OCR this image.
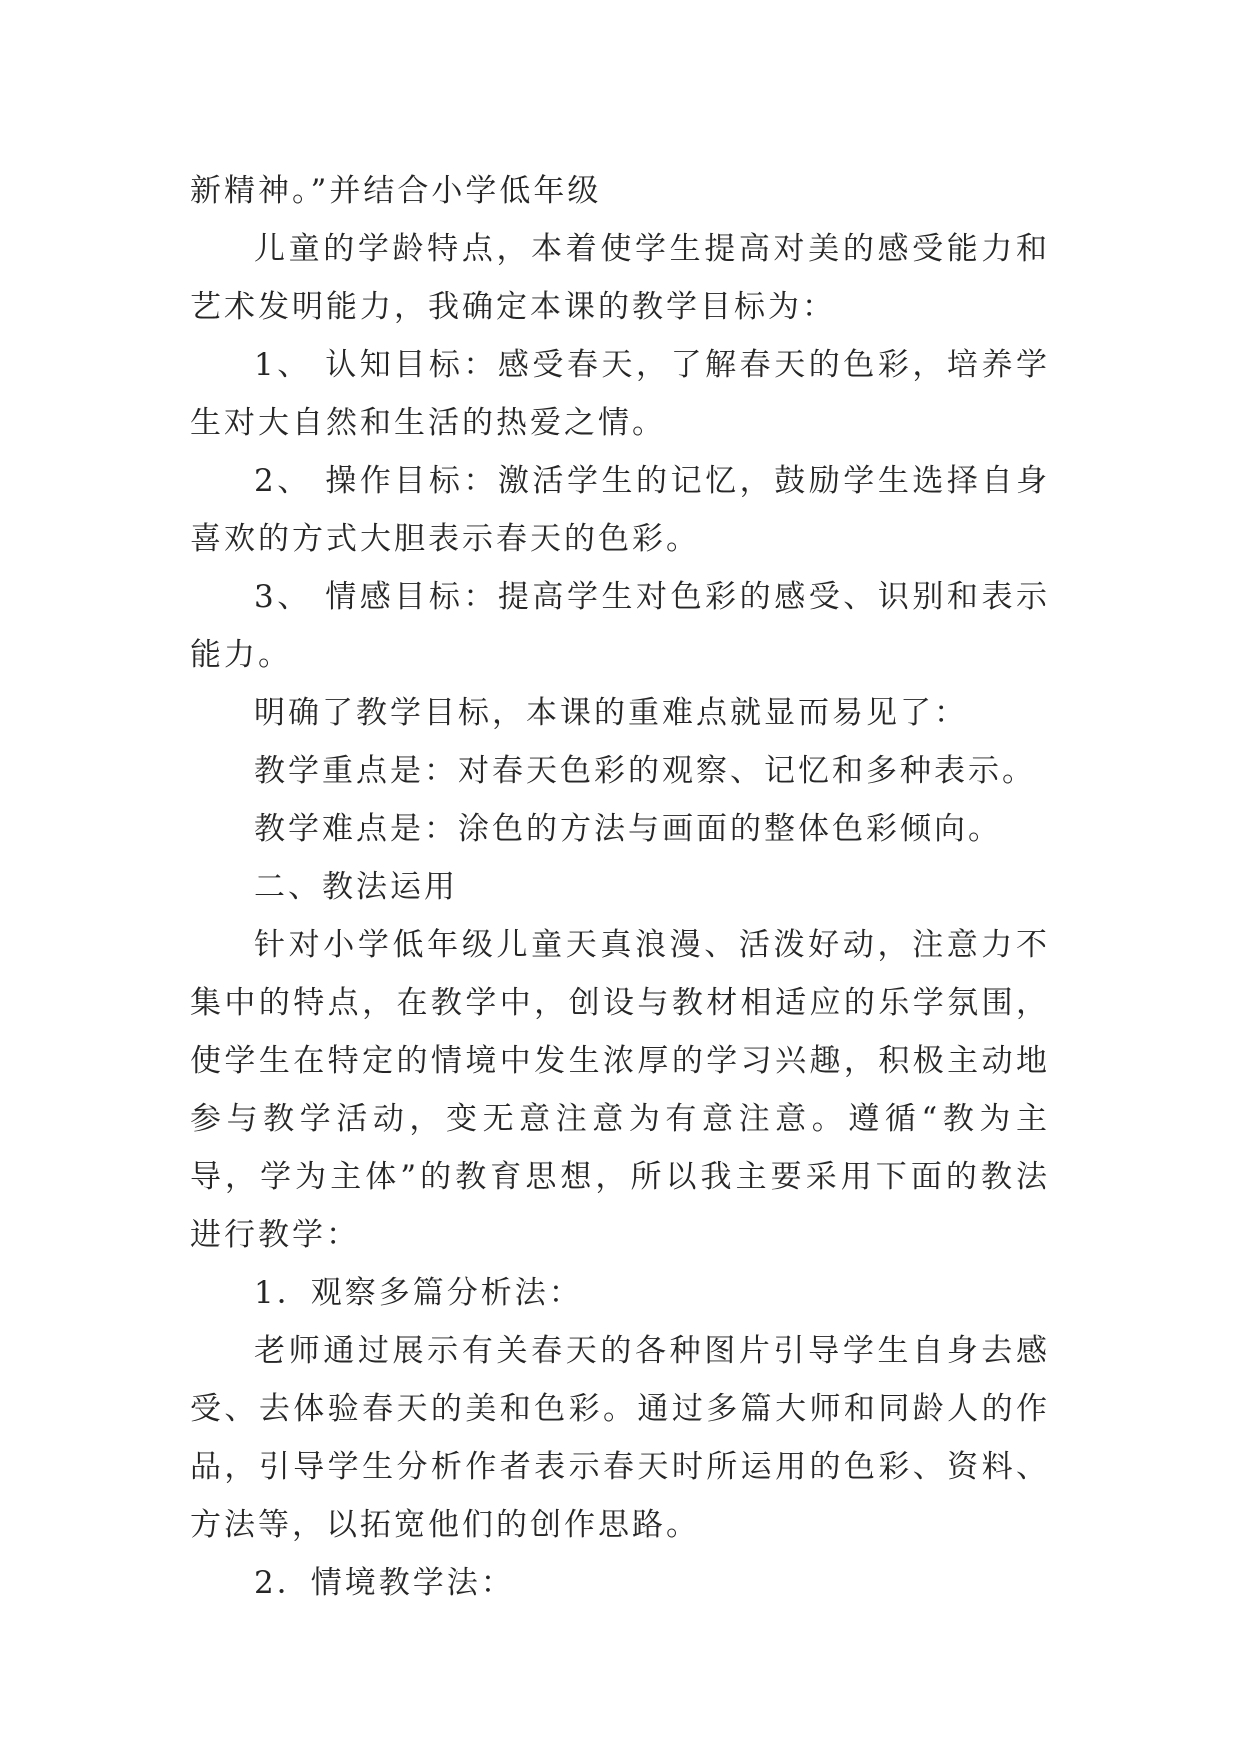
新精神。”并结合小学低年级

儿童的学龄特点，本着使学生提高对美的感受能力和艺术发明能力，我确定本课的教学目标为：

1、 认知目标：感受春天，了解春天的色彩，培养学生对大自然和生活的热爱之情。

2、 操作目标：激活学生的记忆，鼓励学生选择自身喜欢的方式大胆表示春天的色彩。

3、 情感目标：提高学生对色彩的感受、识别和表示能力。

明确了教学目标，本课的重难点就显而易见了：

教学重点是：对春天色彩的观察、记忆和多种表示。

教学难点是：涂色的方法与画面的整体色彩倾向。

二、教法运用

针对小学低年级儿童天真浪漫、活泼好动，注意力不集中的特点，在教学中，创设与教材相适应的乐学氛围，使学生在特定的情境中发生浓厚的学习兴趣，积极主动地参与教学活动，变无意注意为有意注意。遵循“教为主导，学为主体”的教育思想，所以我主要采用下面的教法进行教学：

1．观察多篇分析法：

老师通过展示有关春天的各种图片引导学生自身去感受、去体验春天的美和色彩。通过多篇大师和同龄人的作品，引导学生分析作者表示春天时所运用的色彩、资料、方法等，以拓宽他们的创作思路。

2．情境教学法：
